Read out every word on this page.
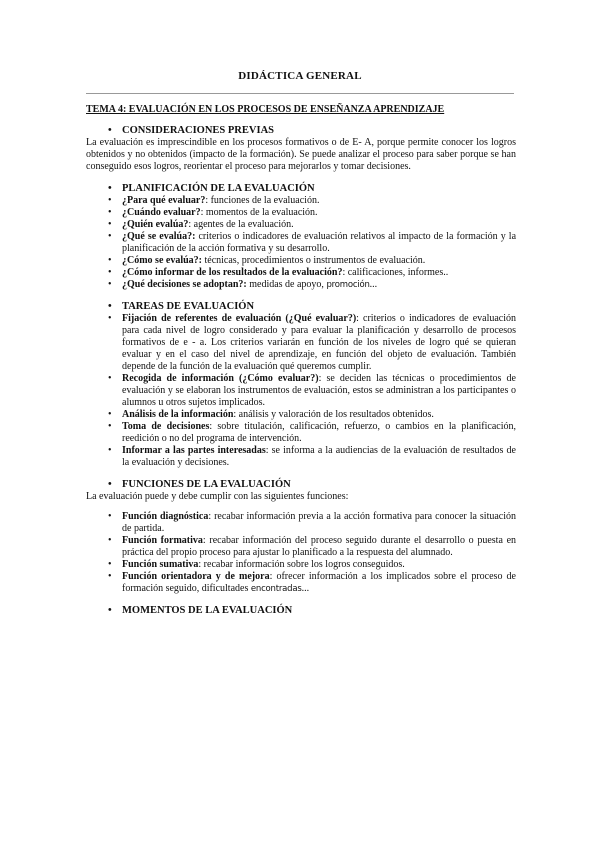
DIDÁCTICA GENERAL
TEMA 4: EVALUACIÓN EN LOS PROCESOS DE ENSEÑANZA APRENDIZAJE
• CONSIDERACIONES PREVIAS

La evaluación es imprescindible en los procesos formativos o de E- A, porque permite conocer los logros obtenidos y no obtenidos (impacto de la formación). Se puede analizar el proceso para saber porque se han conseguido esos logros, reorientar el proceso para mejorarlos y tomar decisiones.

• PLANIFICACIÓN DE LA EVALUACIÓN
• ¿Para qué evaluar?: funciones de la evaluación.
• ¿Cuándo evaluar?: momentos de la evaluación.
• ¿Quién evalúa?: agentes de la evaluación.
• ¿Qué se evalúa?: criterios o indicadores de evaluación relativos al impacto de la formación y la planificación de la acción formativa y su desarrollo.
• ¿Cómo se evalúa?: técnicas, procedimientos o instrumentos de evaluación.
• ¿Cómo informar de los resultados de la evaluación?: calificaciones, informes..
• ¿Qué decisiones se adoptan?: medidas de apoyo, promoción...
• TAREAS DE EVALUACIÓN
• Fijación de referentes de evaluación (¿Qué evaluar?): criterios o indicadores de evaluación para cada nivel de logro considerado y para evaluar la planificación y desarrollo de procesos formativos de e - a. Los criterios variarán en función de los niveles de logro qué se quieran evaluar y en el caso del nivel de aprendizaje, en función del objeto de evaluación. También depende de la función de la evaluación qué queremos cumplir.
• Recogida de información (¿Cómo evaluar?): se deciden las técnicas o procedimientos de evaluación y se elaboran los instrumentos de evaluación, estos se administran a los participantes o alumnos u otros sujetos implicados.
• Análisis de la información: análisis y valoración de los resultados obtenidos.
• Toma de decisiones: sobre titulación, calificación, refuerzo, o cambios en la planificación, reedición o no del programa de intervención.
• Informar a las partes interesadas: se informa a la audiencias de la evaluación de resultados de la evaluación y decisiones.
• FUNCIONES DE LA EVALUACIÓN

La evaluación puede y debe cumplir con las siguientes funciones:

• Función diagnóstica: recabar información previa a la acción formativa para conocer la situación de partida.
• Función formativa: recabar información del proceso seguido durante el desarrollo o puesta en práctica del propio proceso para ajustar lo planificado a la respuesta del alumnado.
• Función sumativa: recabar información sobre los logros conseguidos.
• Función orientadora y de mejora: ofrecer información a los implicados sobre el proceso de formación seguido, dificultades encontradas...
• MOMENTOS DE LA EVALUACIÓN
